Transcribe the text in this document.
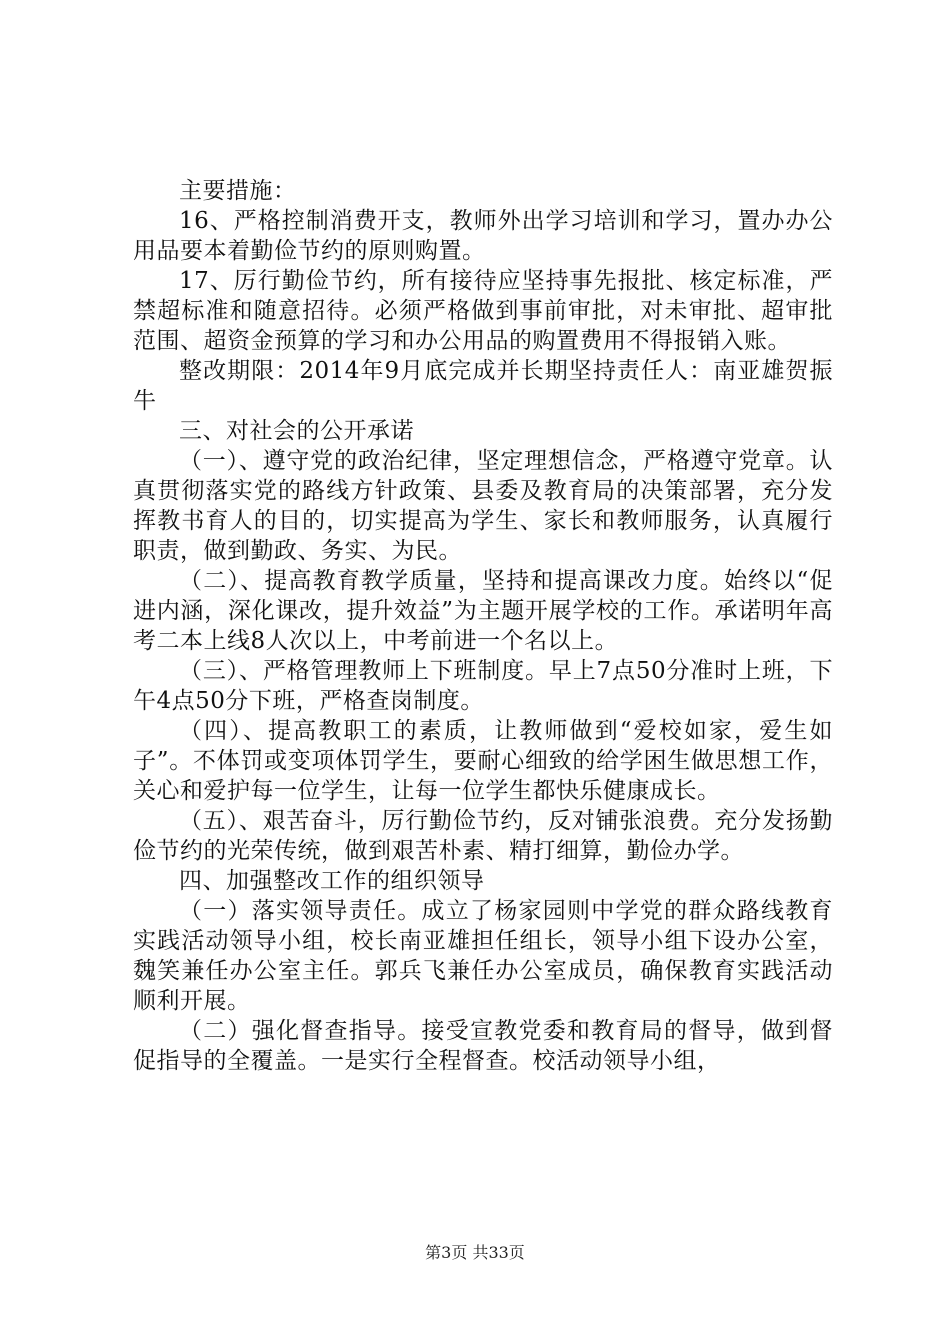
主要措施：

16、严格控制消费开支，教师外出学习培训和学习，置办办公用品要本着勤俭节约的原则购置。

17、厉行勤俭节约，所有接待应坚持事先报批、核定标准，严禁超标准和随意招待。必须严格做到事前审批，对未审批、超审批范围、超资金预算的学习和办公用品的购置费用不得报销入账。

整改期限：2014年9月底完成并长期坚持责任人：南亚雄贺振牛

三、对社会的公开承诺

（一）、遵守党的政治纪律，坚定理想信念，严格遵守党章。认真贯彻落实党的路线方针政策、县委及教育局的决策部署，充分发挥教书育人的目的，切实提高为学生、家长和教师服务，认真履行职责，做到勤政、务实、为民。

（二）、提高教育教学质量，坚持和提高课改力度。始终以“促进内涵，深化课改，提升效益”为主题开展学校的工作。承诺明年高考二本上线8人次以上，中考前进一个名以上。

（三）、严格管理教师上下班制度。早上7点50分准时上班，下午4点50分下班，严格查岗制度。

（四）、提高教职工的素质，让教师做到“爱校如家，爱生如子”。不体罚或变项体罚学生，要耐心细致的给学困生做思想工作，关心和爱护每一位学生，让每一位学生都快乐健康成长。

（五）、艰苦奋斗，厉行勤俭节约，反对铺张浪费。充分发扬勤俭节约的光荣传统，做到艰苦朴素、精打细算，勤俭办学。

四、加强整改工作的组织领导

（一）落实领导责任。成立了杨家园则中学党的群众路线教育实践活动领导小组，校长南亚雄担任组长，领导小组下设办公室，魏笑兼任办公室主任。郭兵飞兼任办公室成员，确保教育实践活动顺利开展。

（二）强化督查指导。接受宣教党委和教育局的督导，做到督促指导的全覆盖。一是实行全程督查。校活动领导小组，

第3页 共33页
